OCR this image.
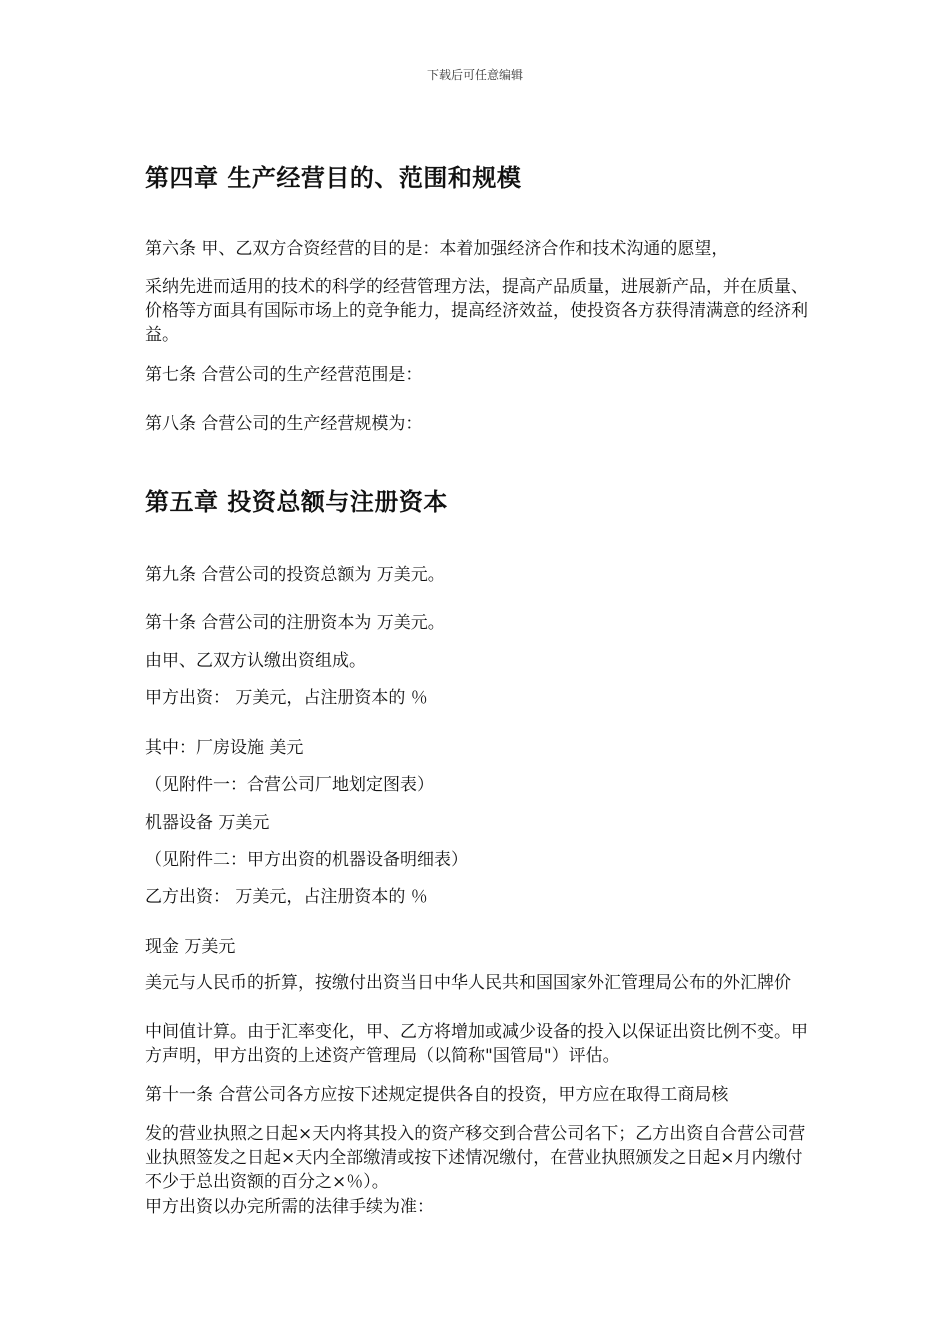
下载后可任意编辑
第四章 生产经营目的、范围和规模

第六条 甲、乙双方合资经营的目的是：本着加强经济合作和技术沟通的愿望，

采纳先进而适用的技术的科学的经营管理方法，提高产品质量，进展新产品，并在质量、价格等方面具有国际市场上的竞争能力，提高经济效益，使投资各方获得清满意的经济利益。

第七条 合营公司的生产经营范围是：

第八条 合营公司的生产经营规模为：

第五章 投资总额与注册资本

第九条 合营公司的投资总额为 万美元。

第十条 合营公司的注册资本为 万美元。

由甲、乙双方认缴出资组成。

甲方出资： 万美元，占注册资本的 ％

其中：厂房设施 美元

（见附件一：合营公司厂地划定图表）

机器设备 万美元

（见附件二：甲方出资的机器设备明细表）

乙方出资： 万美元，占注册资本的 ％

现金 万美元

美元与人民币的折算，按缴付出资当日中华人民共和国国家外汇管理局公布的外汇牌价

中间值计算。由于汇率变化，甲、乙方将增加或减少设备的投入以保证出资比例不变。甲方声明，甲方出资的上述资产管理局（以简称"国管局"）评估。

第十一条 合营公司各方应按下述规定提供各自的投资，甲方应在取得工商局核

发的营业执照之日起×天内将其投入的资产移交到合营公司名下；乙方出资自合营公司营业执照签发之日起×天内全部缴清或按下述情况缴付，在营业执照颁发之日起×月内缴付不少于总出资额的百分之×％）。

甲方出资以办完所需的法律手续为准：
